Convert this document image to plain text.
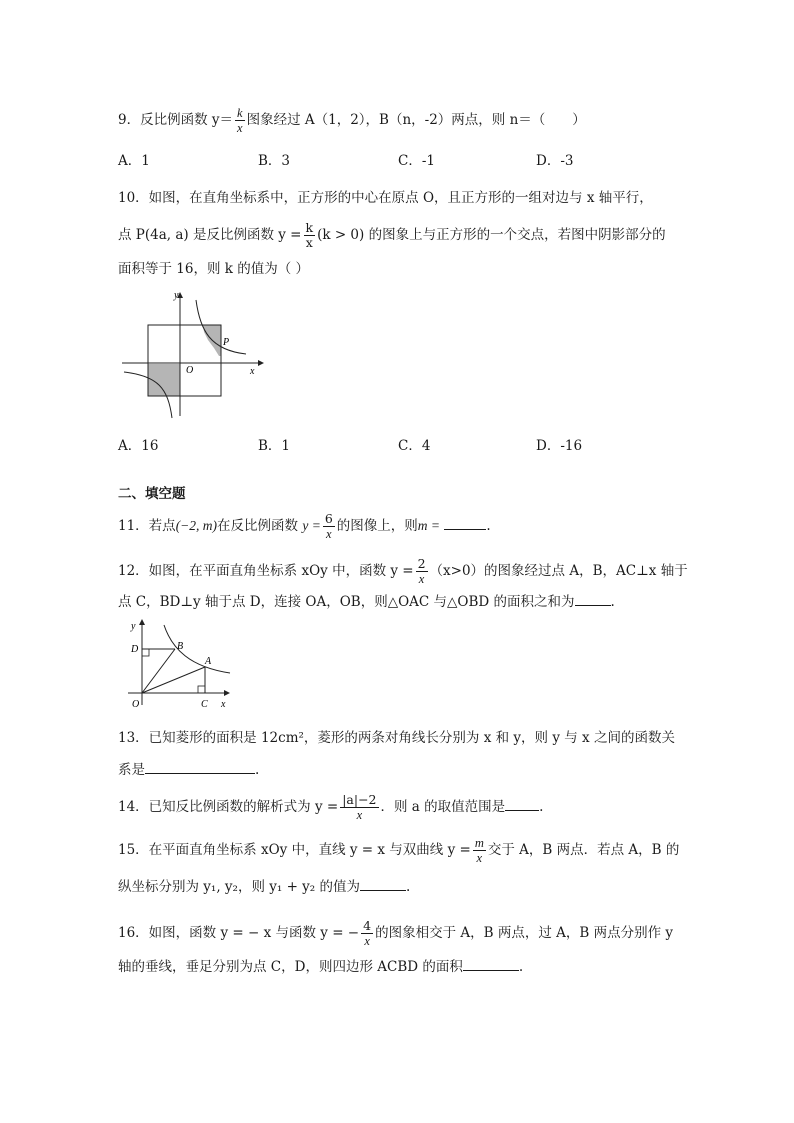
9．反比例函数 $y= \frac{k}{x}$ 图象经过 A（1，2），B（n，-2）两点，则 n＝（　　）
A．1	B．3	C．-1	D．-3
10．如图，在直角坐标系中，正方形的中心在原点 O，且正方形的一组对边与 x 轴平行，
点 P(4a, a) 是反比例函数 $y = \frac{k}{x} (k > 0)$ 的图象上与正方形的一个交点，若图中阴影部分的
面积等于 16，则 k 的值为（ ）
y
x
O
P
A．16	B．1	C．4	D．-16
二、填空题
11．若点(−2, m)在反比例函数 $y = \frac{6}{x}$ 的图像上，则m =	.
12．如图，在平面直角坐标系 xOy 中，函数 $y = \frac{2}{x} (x>0)$的图象经过点 A，B，AC⊥x 轴于
点 C，BD⊥y 轴于点 D，连接 OA，OB，则△OAC 与△OBD 的面积之和为	.
y
x
O
B
A
C
D
13．已知菱形的面积是 12cm²，菱形的两条对角线长分别为 x 和 y，则 y 与 x 之间的函数关
系是	.
14．已知反比例函数的解析式为 $y = \frac{|a|-2}{x}$ ．则 a 的取值范围是	.
15．在平面直角坐标系 xOy 中，直线 y = x 与双曲线 $y = \frac{m}{x}$ 交于 A，B 两点．若点 A，B 的
纵坐标分别为 y₁, y₂，则 y₁ + y₂ 的值为	.
16．如图，函数 y = − x 与函数 y = − $\frac{4}{x}$ 的图象相交于 A，B 两点，过 A，B 两点分别作 y
轴的垂线，垂足分别为点 C，D，则四边形 ACBD 的面积	.
